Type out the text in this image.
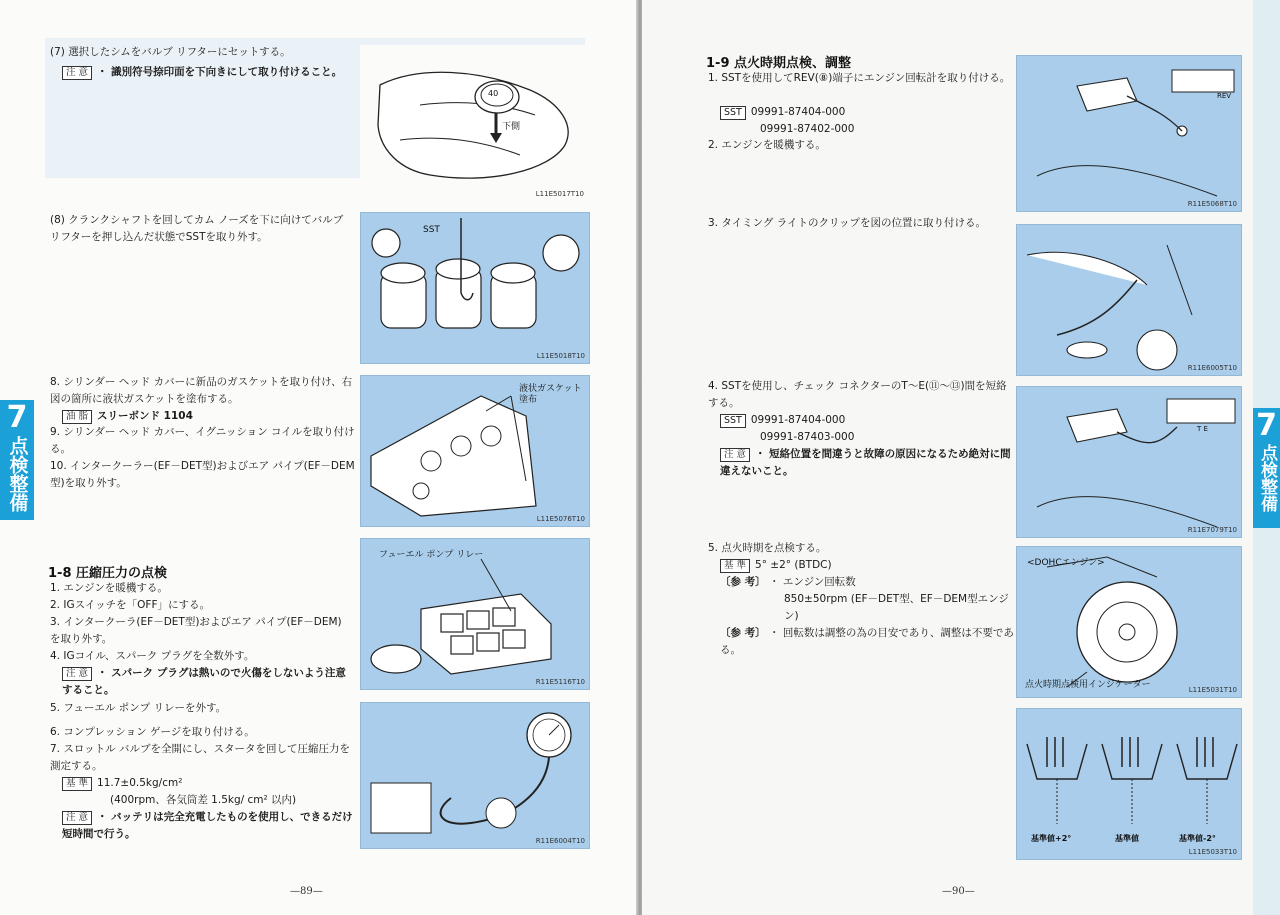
(7) 選択したシムをバルブ リフターにセットする。
注 意 ・ 識別符号捺印面を下向きにして取り付けること。
40
下側
L11E5017T10
(8) クランクシャフトを回してカム ノーズを下に向けてバルブ リフターを押し込んだ状態でSSTを取り外す。
SST
L11E5018T10
8. シリンダー ヘッド カバーに新品のガスケットを取り付け、右図の箇所に液状ガスケットを塗布する。
油 脂 スリーボンド 1104
9. シリンダー ヘッド カバー、イグニッション コイルを取り付ける。
10. インタークーラー(EF－DET型)およびエア パイプ(EF－DEM型)を取り外す。
液状ガスケット塗布
L11E5076T10
1-8 圧縮圧力の点検
1. エンジンを暖機する。
2. IGスイッチを「OFF」にする。
3. インタークーラ(EF－DET型)およびエア パイプ(EF－DEM)を取り外す。
4. IGコイル、スパーク プラグを全数外す。
注 意 ・ スパーク プラグは熱いので火傷をしないよう注意すること。
5. フューエル ポンプ リレーを外す。
6. コンプレッション ゲージを取り付ける。
7. スロットル バルブを全開にし、スタータを回して圧縮圧力を測定する。
基 準 11.7±0.5kg/cm²
(400rpm、各気筒差 1.5kg/ cm² 以内)
注 意 ・ バッテリは完全充電したものを使用し、できるだけ短時間で行う。
フューエル ポンプ リレー
R11E5116T10
R11E6004T10
—89—
7
点検整備
1-9 点火時期点検、調整
1. SSTを使用してREV(⑧)端子にエンジン回転計を取り付ける。
SST 09991-87404-000
09991-87402-000
2. エンジンを暖機する。
3. タイミング ライトのクリップを図の位置に取り付ける。
4. SSTを使用し、チェック コネクターのT～E(⑪～⑬)間を短絡する。
SST 09991-87404-000
09991-87403-000
注 意 ・ 短絡位置を間違うと故障の原因になるため絶対に間違えないこと。
5. 点火時期を点検する。
基 準 5° ±2° (BTDC)
〔参 考〕 ・ エンジン回転数
850±50rpm (EF－DET型、EF－DEM型エンジン)
〔参 考〕 ・ 回転数は調整の為の目安であり、調整は不要である。
REV
R11E5068T10
R11E6005T10
T E
R11E7079T10
<DOHCエンジン>
点火時期点検用インジケーター	L11E5031T10
基準値+2°	基準値	基準値-2°
L11E5033T10
—90—
7
点検整備
